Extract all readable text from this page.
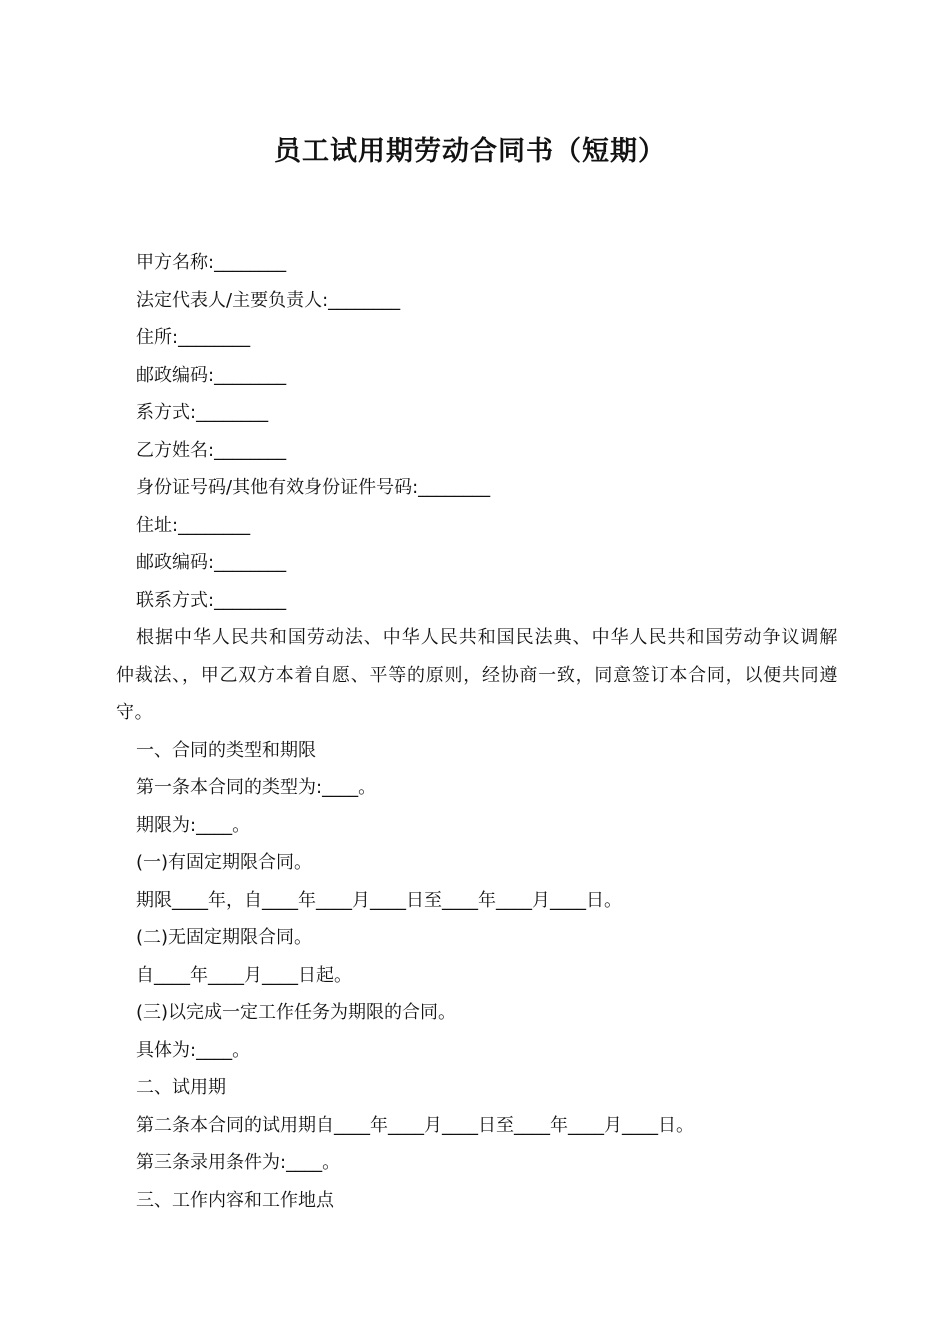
员工试用期劳动合同书（短期）
甲方名称:________
法定代表人/主要负责人:________
住所:________
邮政编码:________
系方式:________
乙方姓名:________
身份证号码/其他有效身份证件号码:________
住址:________
邮政编码:________
联系方式:________
根据中华人民共和国劳动法、中华人民共和国民法典、中华人民共和国劳动争议调解仲裁法、，甲乙双方本着自愿、平等的原则，经协商一致，同意签订本合同，以便共同遵守。
一、合同的类型和期限
第一条本合同的类型为:____。
期限为:____。
(一)有固定期限合同。
期限____年，自____年____月____日至____年____月____日。
(二)无固定期限合同。
自____年____月____日起。
(三)以完成一定工作任务为期限的合同。
具体为:____。
二、试用期
第二条本合同的试用期自____年____月____日至____年____月____日。
第三条录用条件为:____。
三、工作内容和工作地点
